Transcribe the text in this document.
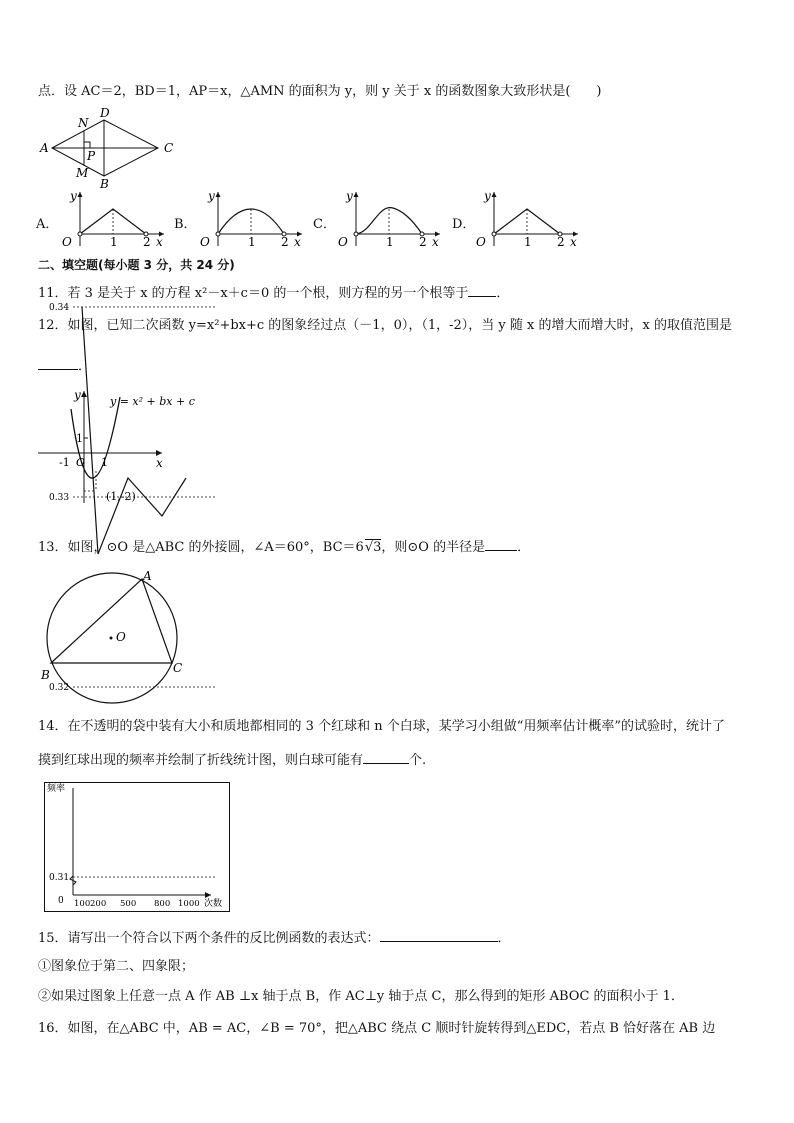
点．设 AC＝2，BD＝1，AP＝x，△AMN 的面积为 y，则 y 关于 x 的函数图象大致形状是(　　)
N
D
A
P
C
M
B
A．	B．	C．	D．
y
O	1 2 x
y
O	1 2 x
y
O	1 2 x
y
O	1 2 x
二、填空题(每小题 3 分，共 24 分)
11．若 3 是关于 x 的方程 x²－x＋c＝0 的一个根，则方程的另一个根等于 ．
12．如图，已知二次函数 y=x²+bx+c 的图象经过点（－1，0），（1，-2），当 y 随 x 的增大而增大时，x 的取值范围是
．
y
x
O
-1	1
1
y = x² + bx + c
(1,-2)
13．如图，⊙O 是△ABC 的外接圆，∠A＝60°，BC＝6√3，则⊙O 的半径是 ．
O
A
B	C
14．在不透明的袋中装有大小和质地都相同的 3 个红球和 n 个白球，某学习小组做“用频率估计概率”的试验时，统计了
摸到红球出现的频率并绘制了折线统计图，则白球可能有	个.
0.34
0.33
0.32
0.31
100 200 500 800 1000
频率
次数
0
15．请写出一个符合以下两个条件的反比例函数的表达式：	．
①图象位于第二、四象限；
②如果过图象上任意一点 A 作 AB ⊥x 轴于点 B，作 AC⊥y 轴于点 C，那么得到的矩形 ABOC 的面积小于 1．
16．如图，在△ABC 中，AB = AC，∠B = 70°，把△ABC 绕点 C 顺时针旋转得到△EDC，若点 B 恰好落在 AB 边
